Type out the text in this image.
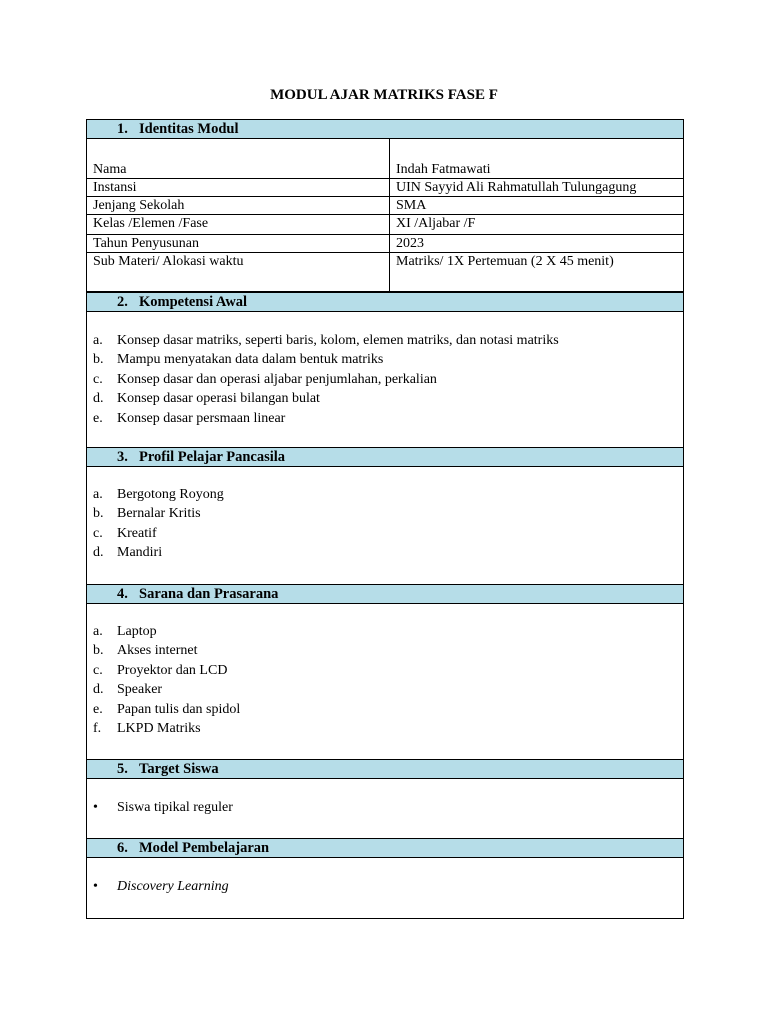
MODUL AJAR MATRIKS FASE F
1. Identitas Modul
Nama	Indah Fatmawati
Instansi	UIN Sayyid Ali Rahmatullah Tulungagung
Jenjang Sekolah	SMA
Kelas /Elemen /Fase	XI /Aljabar /F
Tahun Penyusunan	2023
Sub Materi/ Alokasi waktu	Matriks/ 1X Pertemuan (2 X 45 menit)
2. Kompetensi Awal
a. Konsep dasar matriks, seperti baris, kolom, elemen matriks, dan notasi matriks
b. Mampu menyatakan data dalam bentuk matriks
c. Konsep dasar dan operasi aljabar penjumlahan, perkalian
d. Konsep dasar operasi bilangan bulat
e. Konsep dasar persmaan linear
3. Profil Pelajar Pancasila
a. Bergotong Royong
b. Bernalar Kritis
c. Kreatif
d. Mandiri
4. Sarana dan Prasarana
a. Laptop
b. Akses internet
c. Proyektor dan LCD
d. Speaker
e. Papan tulis dan spidol
f. LKPD Matriks
5. Target Siswa
• Siswa tipikal reguler
6. Model Pembelajaran
• Discovery Learning
